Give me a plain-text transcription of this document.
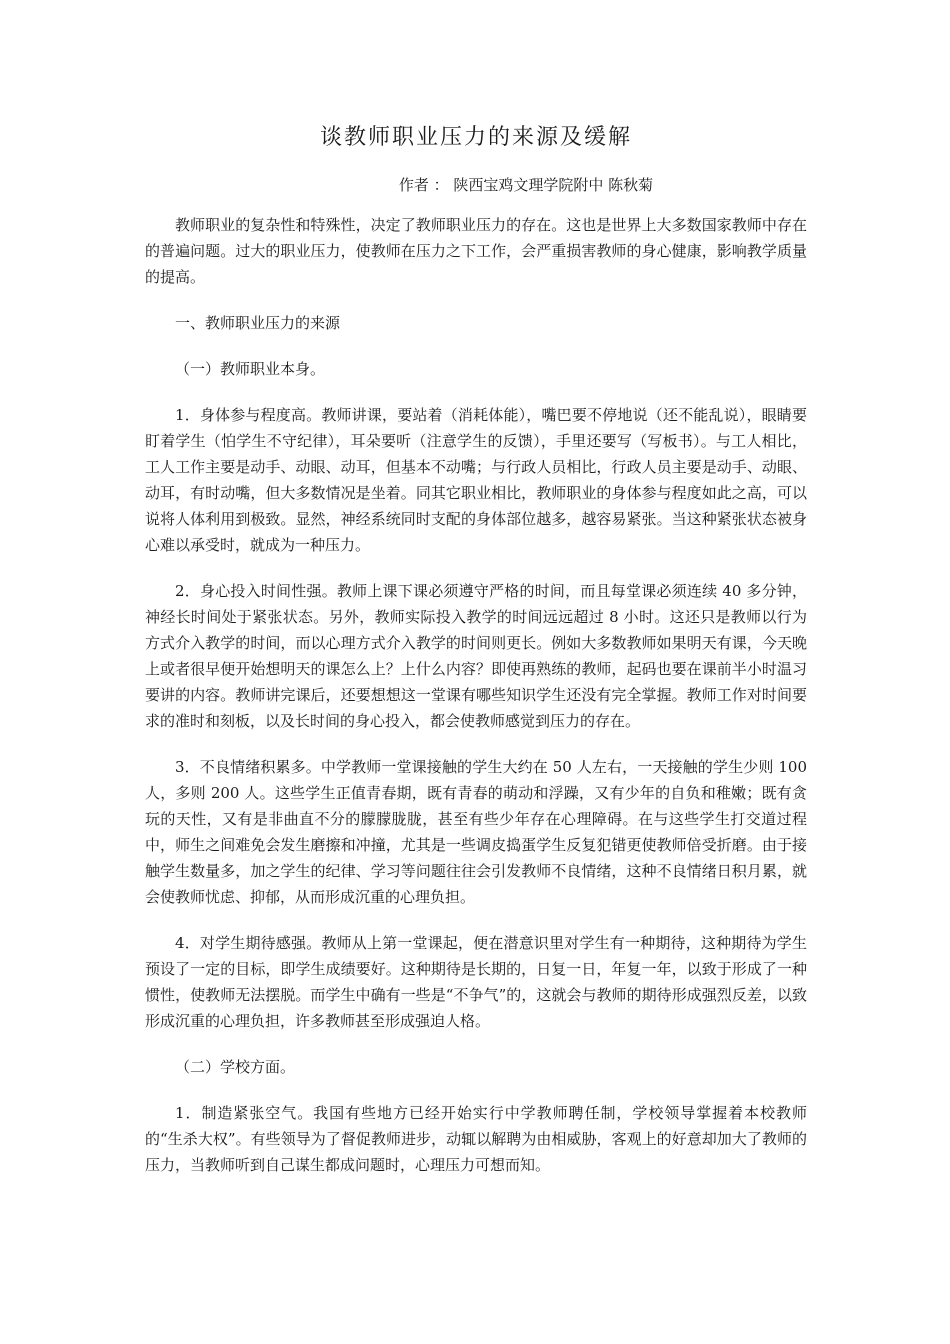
谈教师职业压力的来源及缓解

作者 ： 陕西宝鸡文理学院附中 陈秋菊

教师职业的复杂性和特殊性，决定了教师职业压力的存在。这也是世界上大多数国家教师中存在的普遍问题。过大的职业压力，使教师在压力之下工作，会严重损害教师的身心健康，影响教学质量的提高。

一、教师职业压力的来源

（一）教师职业本身。

1．身体参与程度高。教师讲课，要站着（消耗体能），嘴巴要不停地说（还不能乱说），眼睛要盯着学生（怕学生不守纪律），耳朵要听（注意学生的反馈），手里还要写（写板书）。与工人相比，工人工作主要是动手、动眼、动耳，但基本不动嘴；与行政人员相比，行政人员主要是动手、动眼、动耳，有时动嘴，但大多数情况是坐着。同其它职业相比，教师职业的身体参与程度如此之高，可以说将人体利用到极致。显然，神经系统同时支配的身体部位越多，越容易紧张。当这种紧张状态被身心难以承受时，就成为一种压力。

2．身心投入时间性强。教师上课下课必须遵守严格的时间，而且每堂课必须连续 40 多分钟，神经长时间处于紧张状态。另外，教师实际投入教学的时间远远超过 8 小时。这还只是教师以行为方式介入教学的时间，而以心理方式介入教学的时间则更长。例如大多数教师如果明天有课，今天晚上或者很早便开始想明天的课怎么上？上什么内容？即使再熟练的教师，起码也要在课前半小时温习要讲的内容。教师讲完课后，还要想想这一堂课有哪些知识学生还没有完全掌握。教师工作对时间要求的准时和刻板，以及长时间的身心投入，都会使教师感觉到压力的存在。

3．不良情绪积累多。中学教师一堂课接触的学生大约在 50 人左右，一天接触的学生少则 100 人，多则 200 人。这些学生正值青春期，既有青春的萌动和浮躁，又有少年的自负和稚嫩；既有贪玩的天性，又有是非曲直不分的朦朦胧胧，甚至有些少年存在心理障碍。在与这些学生打交道过程中，师生之间难免会发生磨擦和冲撞，尤其是一些调皮捣蛋学生反复犯错更使教师倍受折磨。由于接触学生数量多，加之学生的纪律、学习等问题往往会引发教师不良情绪，这种不良情绪日积月累，就会使教师忧虑、抑郁，从而形成沉重的心理负担。

4．对学生期待感强。教师从上第一堂课起，便在潜意识里对学生有一种期待，这种期待为学生预设了一定的目标，即学生成绩要好。这种期待是长期的，日复一日，年复一年，以致于形成了一种惯性，使教师无法摆脱。而学生中确有一些是“不争气”的，这就会与教师的期待形成强烈反差，以致形成沉重的心理负担，许多教师甚至形成强迫人格。

（二）学校方面。

1．制造紧张空气。我国有些地方已经开始实行中学教师聘任制，学校领导掌握着本校教师的“生杀大权”。有些领导为了督促教师进步，动辄以解聘为由相威胁，客观上的好意却加大了教师的压力，当教师听到自己谋生都成问题时，心理压力可想而知。
